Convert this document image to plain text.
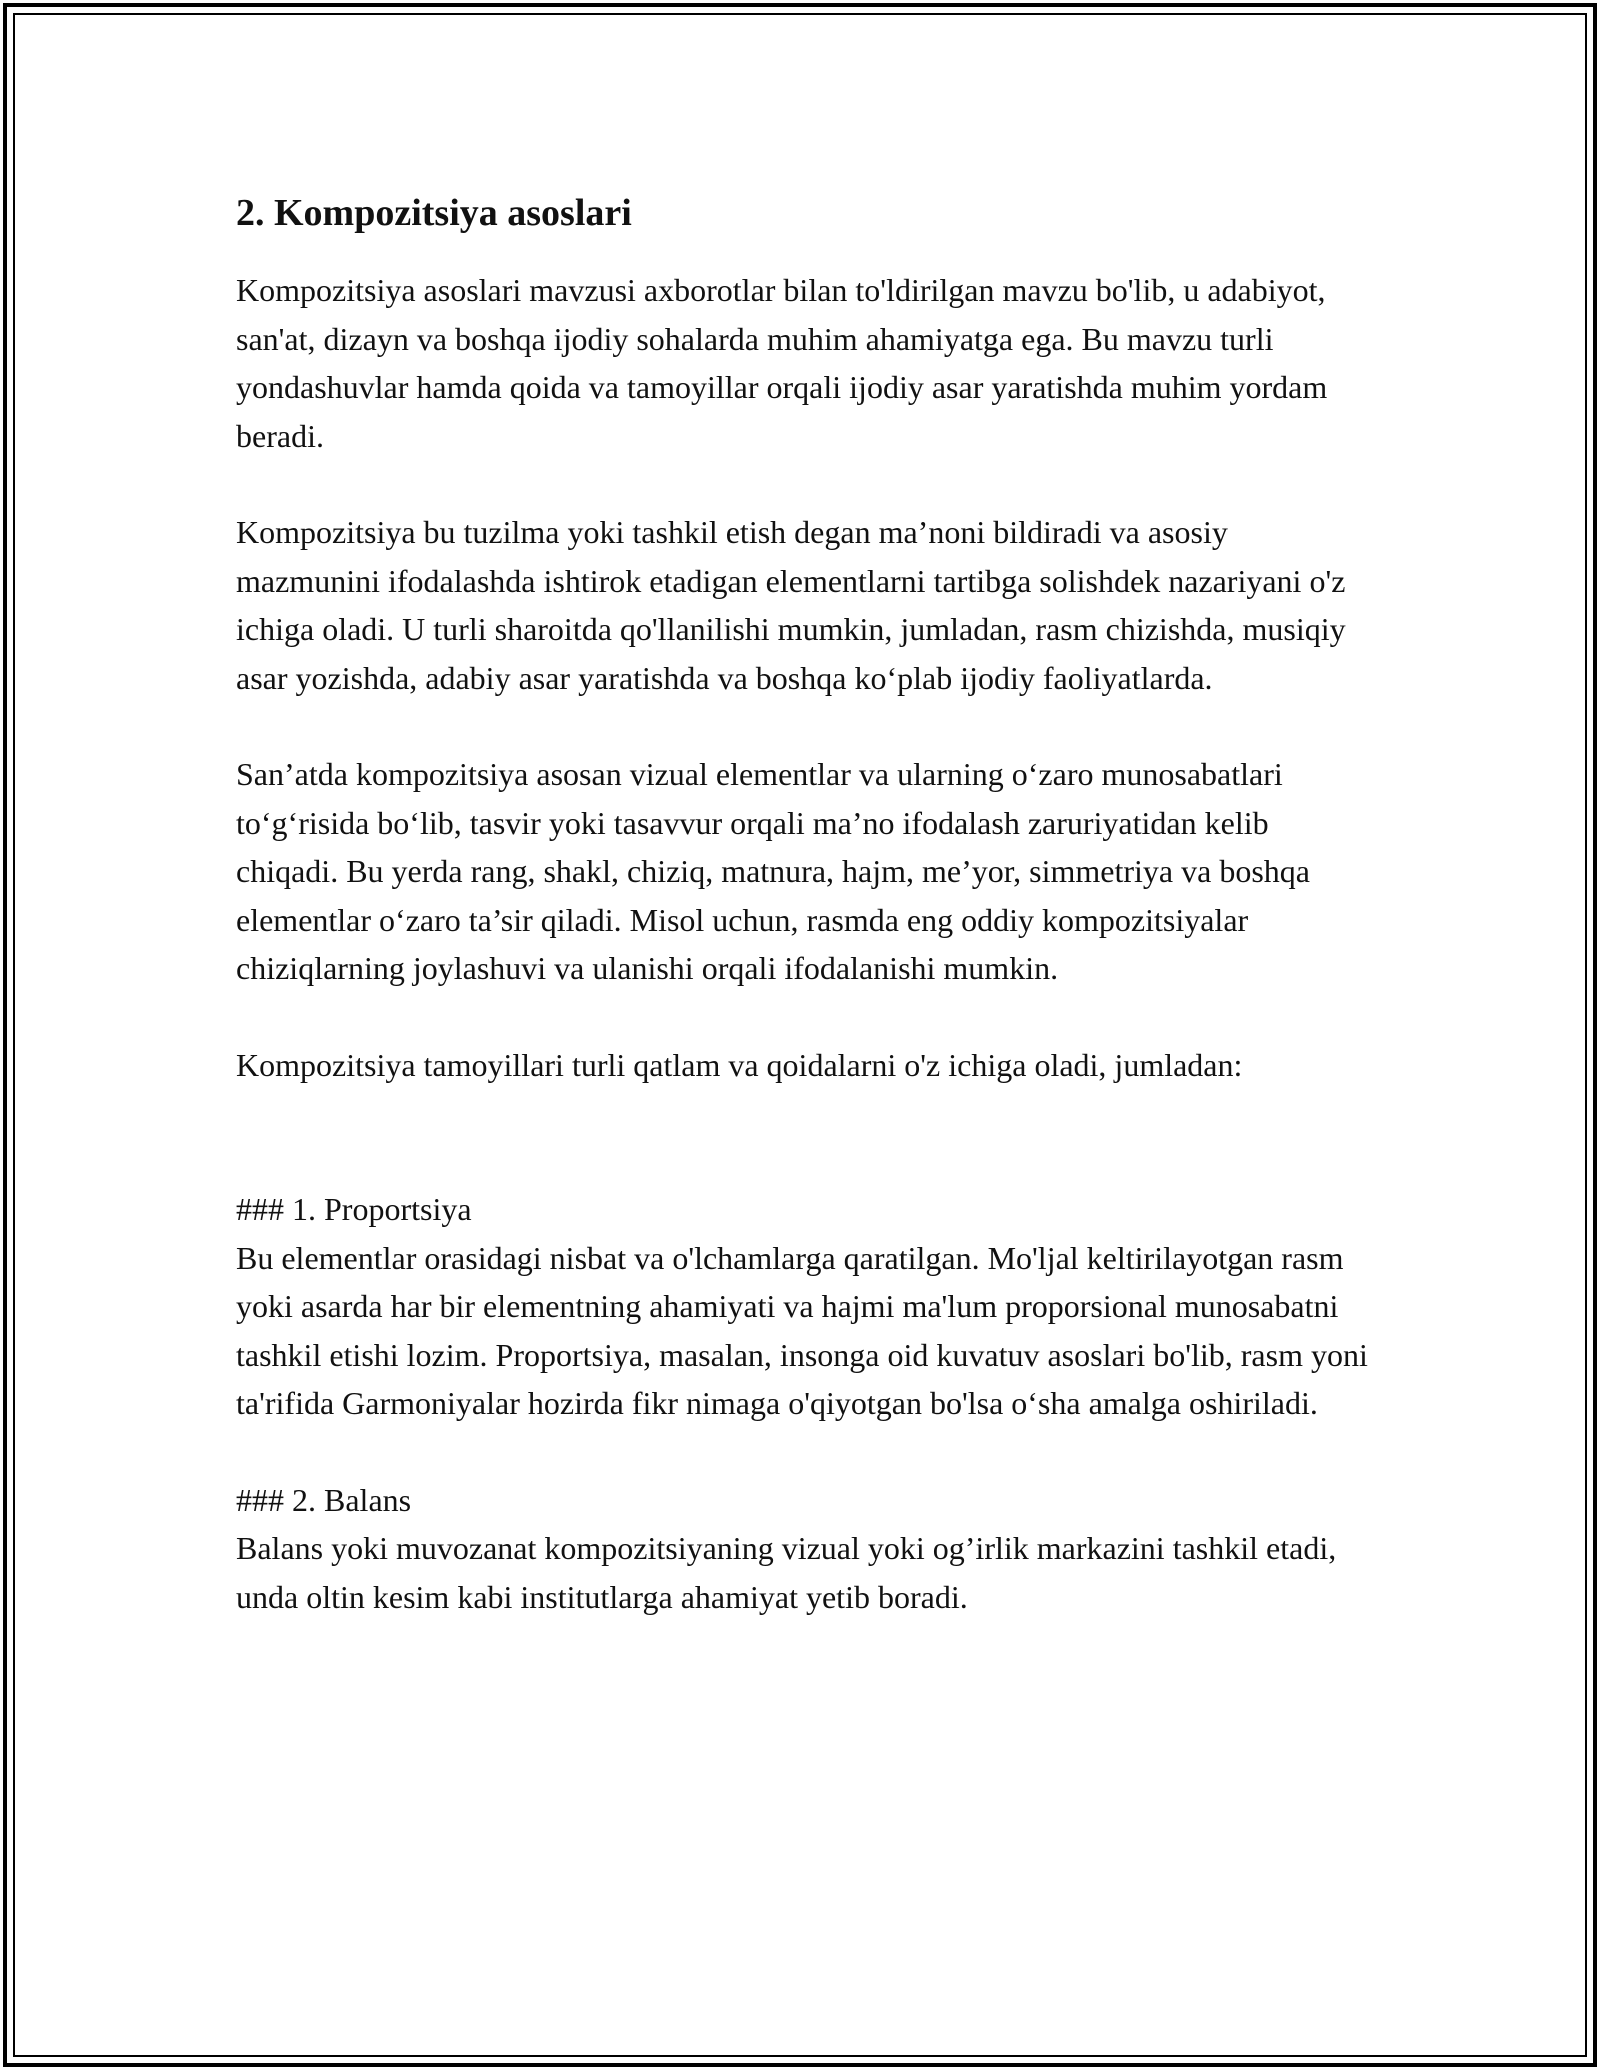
2. Kompozitsiya asoslari

Kompozitsiya asoslari mavzusi axborotlar bilan to'ldirilgan mavzu bo'lib, u adabiyot, san'at, dizayn va boshqa ijodiy sohalarda muhim ahamiyatga ega. Bu mavzu turli yondashuvlar hamda qoida va tamoyillar orqali ijodiy asar yaratishda muhim yordam beradi.

Kompozitsiya bu tuzilma yoki tashkil etish degan ma’noni bildiradi va asosiy mazmunini ifodalashda ishtirok etadigan elementlarni tartibga solishdek nazariyani o'z ichiga oladi. U turli sharoitda qo'llanilishi mumkin, jumladan, rasm chizishda, musiqiy asar yozishda, adabiy asar yaratishda va boshqa ko‘plab ijodiy faoliyatlarda.

San’atda kompozitsiya asosan vizual elementlar va ularning o‘zaro munosabatlari to‘g‘risida bo‘lib, tasvir yoki tasavvur orqali ma’no ifodalash zaruriyatidan kelib chiqadi. Bu yerda rang, shakl, chiziq, matnura, hajm, me’yor, simmetriya va boshqa elementlar o‘zaro ta’sir qiladi. Misol uchun, rasmda eng oddiy kompozitsiyalar chiziqlarning joylashuvi va ulanishi orqali ifodalanishi mumkin.

Kompozitsiya tamoyillari turli qatlam va qoidalarni o'z ichiga oladi, jumladan:

### 1. Proportsiya

Bu elementlar orasidagi nisbat va o'lchamlarga qaratilgan. Mo'ljal keltirilayotgan rasm yoki asarda har bir elementning ahamiyati va hajmi ma'lum proporsional munosabatni tashkil etishi lozim. Proportsiya, masalan, insonga oid kuvatuv asoslari bo'lib, rasm yoni ta'rifida Garmoniyalar hozirda fikr nimaga o'qiyotgan bo'lsa o‘sha amalga oshiriladi.

### 2. Balans

Balans yoki muvozanat kompozitsiyaning vizual yoki og’irlik markazini tashkil etadi, unda oltin kesim kabi institutlarga ahamiyat yetib boradi.
